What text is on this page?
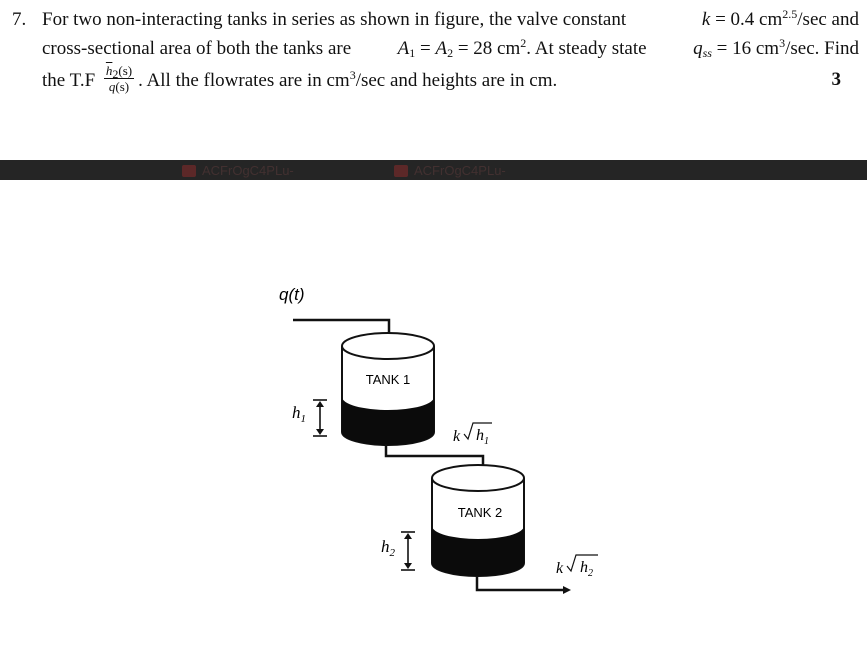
7. For two non-interacting tanks in series as shown in figure, the valve constant	k = 0.4 $cm^{2.5}/\sec$ and
cross-sectional area of both the tanks are $A_1 = A_2 = 28$ $cm^2$. At steady state $q_{ss} = 16$ $cm^3/\sec$. Find
the $T.F \frac{\overline{h}_2(s)}{\overline{q}(s)}$ . All the flowrates are in $cm^3/\sec$ and heights are in cm.	3
ACFrOgC4PLu-	ACFrOgC4PLu-
q(t)
TANK 1
$h_1$
k $h_1$
TANK 2
$h_2$
k $h_2$
